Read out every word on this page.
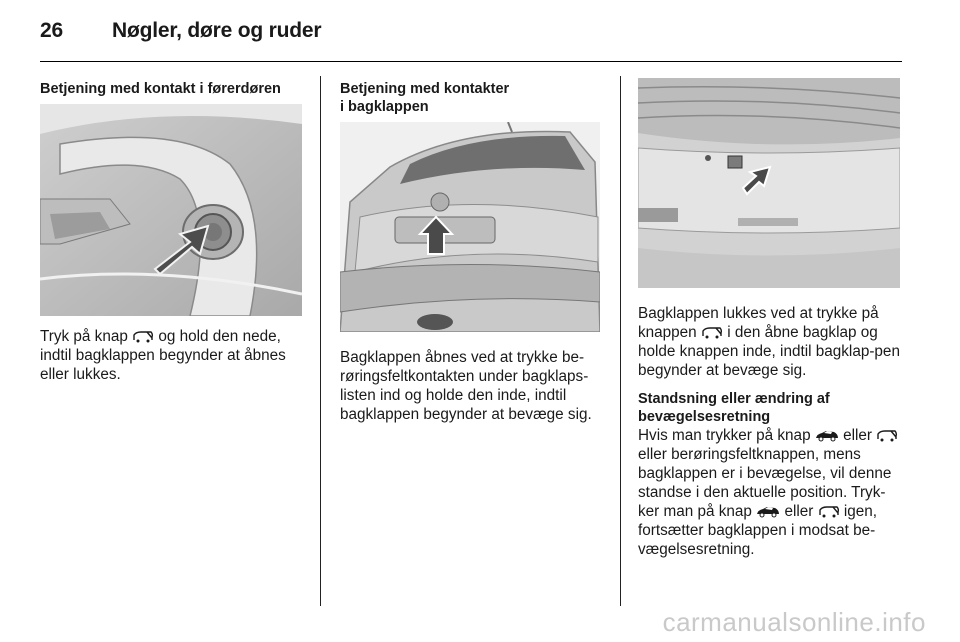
26	Nøgler, døre og ruder
Betjening med kontakt i førerdøren

Tryk på knap  og hold den nede, indtil bagklappen begynder at åbnes eller lukkes.

Betjening med kontakter
i bagklappen

Bagklappen åbnes ved at trykke be-røringsfeltkontakten under bagklaps-listen ind og holde den inde, indtil bagklappen begynder at bevæge sig.

Bagklappen lukkes ved at trykke på knappen  i den åbne bagklap og holde knappen inde, indtil bagklap-pen begynder at bevæge sig.

Standsning eller ændring af bevægelsesretning

Hvis man trykker på knap  eller  eller berøringsfeltknappen, mens bagklappen er i bevægelse, vil denne standse i den aktuelle position. Tryk-ker man på knap  eller  igen, fortsætter bagklappen i modsat be-vægelsesretning.

carmanualsonline.info
